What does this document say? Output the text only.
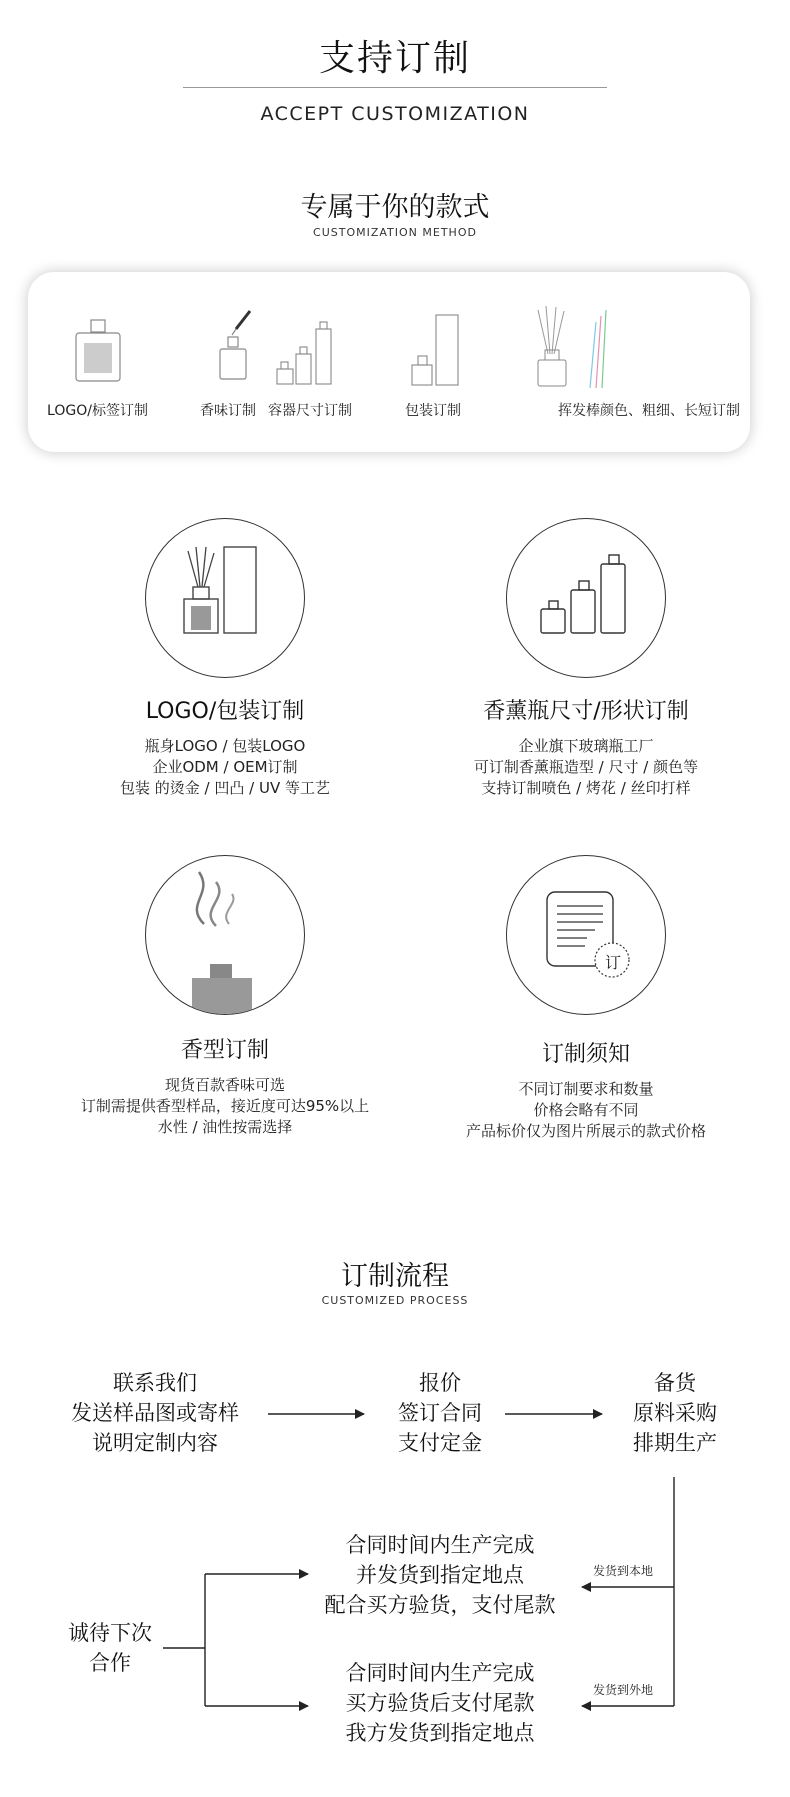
支持订制
ACCEPT CUSTOMIZATION
专属于你的款式
CUSTOMIZATION METHOD
LOGO/标签订制	香味订制 容器尺寸订制	包装订制	挥发棒颜色、粗细、长短订制
LOGO/包装订制
瓶身LOGO / 包装LOGO
企业ODM / OEM订制
包装 的烫金 / 凹凸 / UV 等工艺
香薰瓶尺寸/形状订制
企业旗下玻璃瓶工厂
可订制香薰瓶造型 / 尺寸 / 颜色等
支持订制喷色 / 烤花 / 丝印打样
香型订制
现货百款香味可选
订制需提供香型样品，接近度可达95%以上
水性 / 油性按需选择
订
订制须知
不同订制要求和数量
价格会略有不同
产品标价仅为图片所展示的款式价格
订制流程
CUSTOMIZED PROCESS
联系我们
发送样品图或寄样
说明定制内容
报价
签订合同
支付定金
备货
原料采购
排期生产
发货到本地
发货到外地
合同时间内生产完成
并发货到指定地点
配合买方验货，支付尾款
合同时间内生产完成
买方验货后支付尾款
我方发货到指定地点
诚待下次
合作
